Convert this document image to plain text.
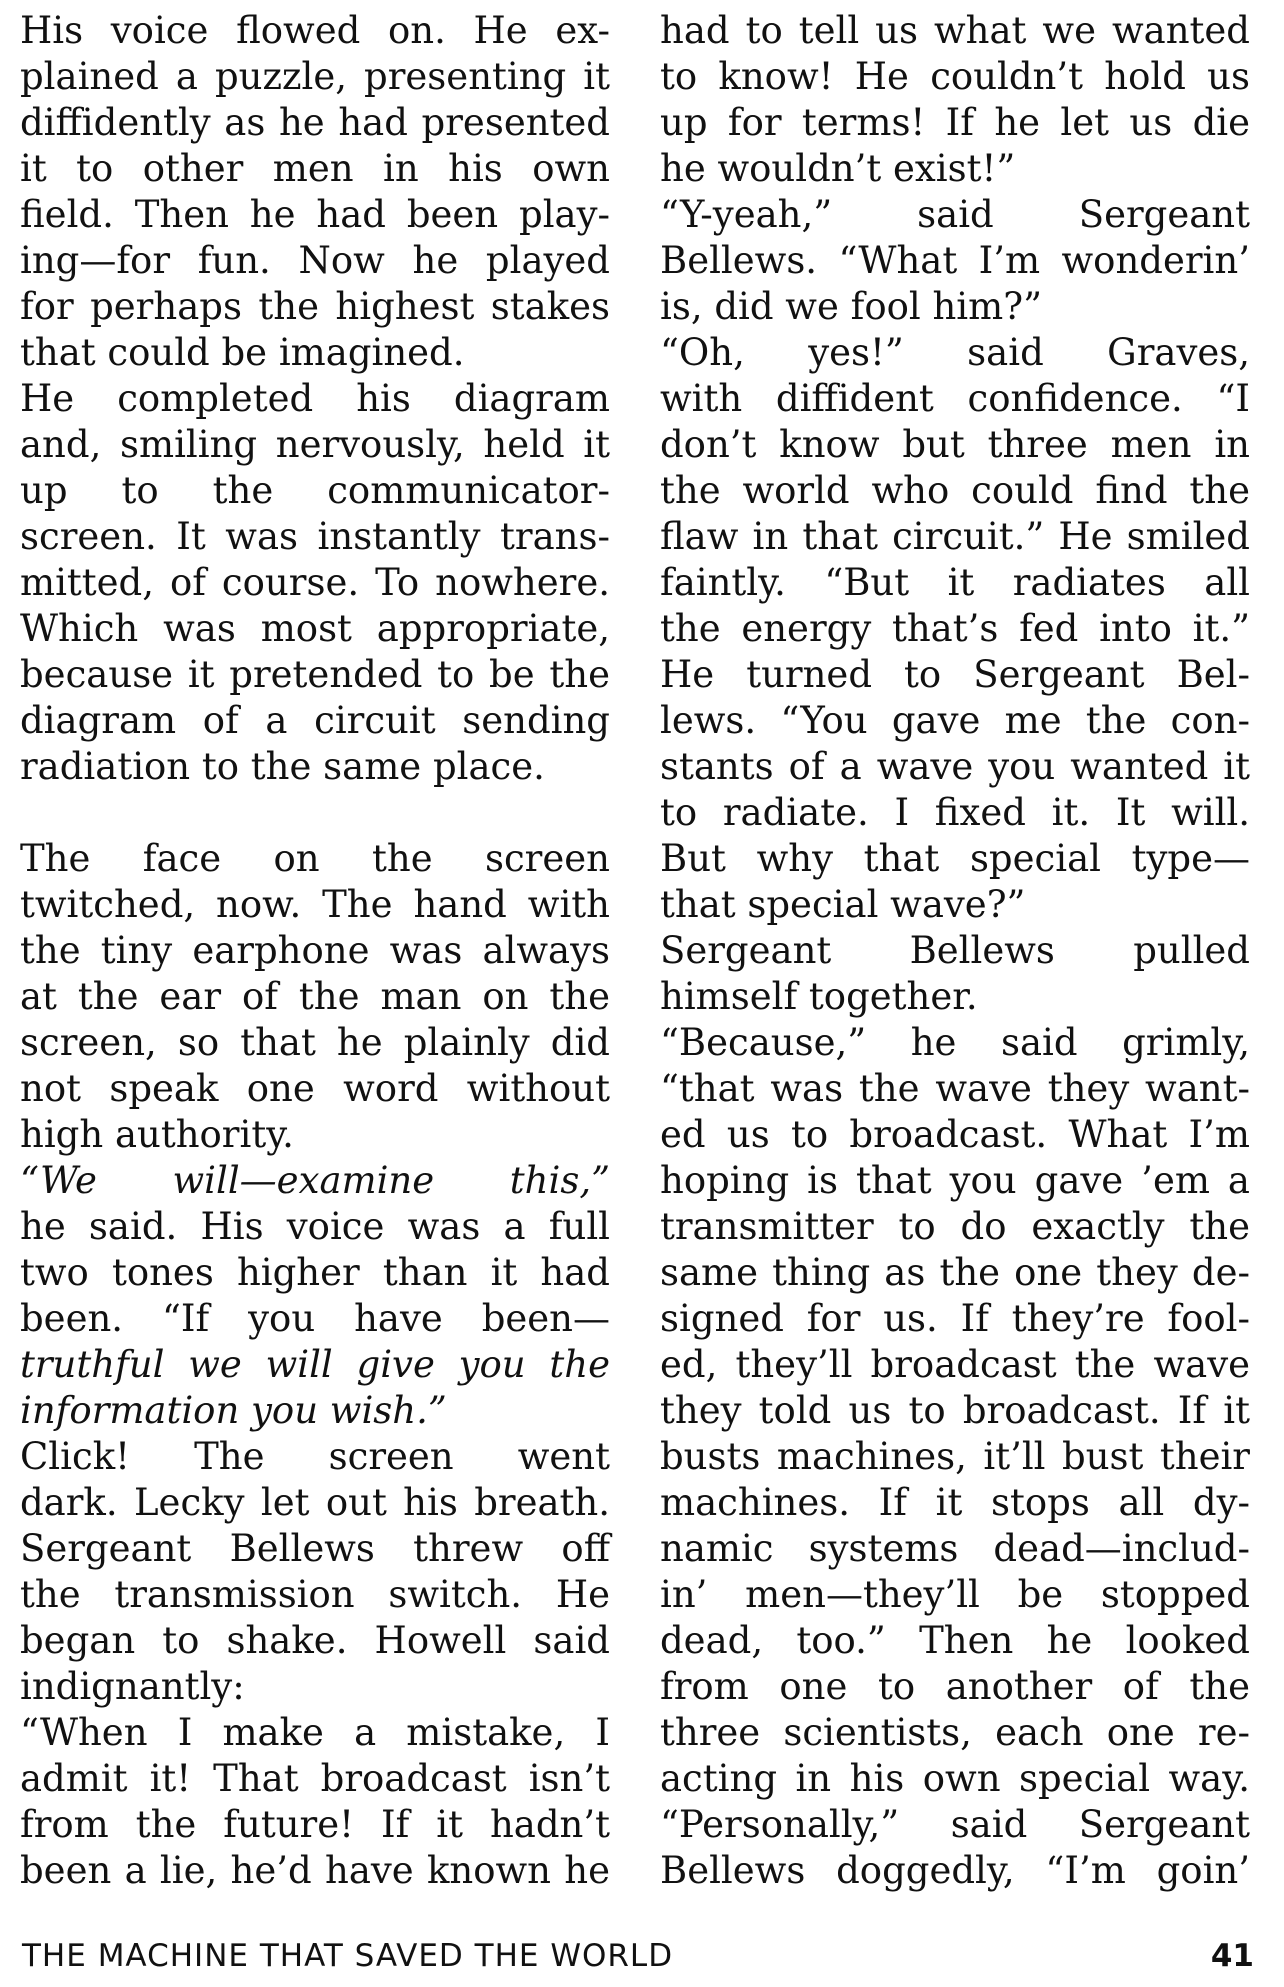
His voice flowed on. He ex-
plained a puzzle, presenting it
diffidently as he had presented
it to other men in his own
field. Then he had been play-
ing—for fun. Now he played
for perhaps the highest stakes
that could be imagined.
He completed his diagram
and, smiling nervously, held it
up to the communicator-
screen. It was instantly trans-
mitted, of course. To nowhere.
Which was most appropriate,
because it pretended to be the
diagram of a circuit sending
radiation to the same place.
The face on the screen
twitched, now. The hand with
the tiny earphone was always
at the ear of the man on the
screen, so that he plainly did
not speak one word without
high authority.
“We will—examine this,”
he said. His voice was a full
two tones higher than it had
been. “If you have been—
truthful we will give you the
information you wish.”
Click! The screen went
dark. Lecky let out his breath.
Sergeant Bellews threw off
the transmission switch. He
began to shake. Howell said
indignantly:
“When I make a mistake, I
admit it! That broadcast isn’t
from the future! If it hadn’t
been a lie, he’d have known he
had to tell us what we wanted
to know! He couldn’t hold us
up for terms! If he let us die
he wouldn’t exist!”
“Y-yeah,” said Sergeant
Bellews. “What I’m wonderin’
is, did we fool him?”
“Oh, yes!” said Graves,
with diffident confidence. “I
don’t know but three men in
the world who could find the
flaw in that circuit.” He smiled
faintly. “But it radiates all
the energy that’s fed into it.”
He turned to Sergeant Bel-
lews. “You gave me the con-
stants of a wave you wanted it
to radiate. I fixed it. It will.
But why that special type—
that special wave?”
Sergeant Bellews pulled
himself together.
“Because,” he said grimly,
“that was the wave they want-
ed us to broadcast. What I’m
hoping is that you gave ’em a
transmitter to do exactly the
same thing as the one they de-
signed for us. If they’re fool-
ed, they’ll broadcast the wave
they told us to broadcast. If it
busts machines, it’ll bust their
machines. If it stops all dy-
namic systems dead—includ-
in’ men—they’ll be stopped
dead, too.” Then he looked
from one to another of the
three scientists, each one re-
acting in his own special way.
“Personally,” said Sergeant
Bellews doggedly, “I’m goin’
THE MACHINE THAT SAVED THE WORLD	41
